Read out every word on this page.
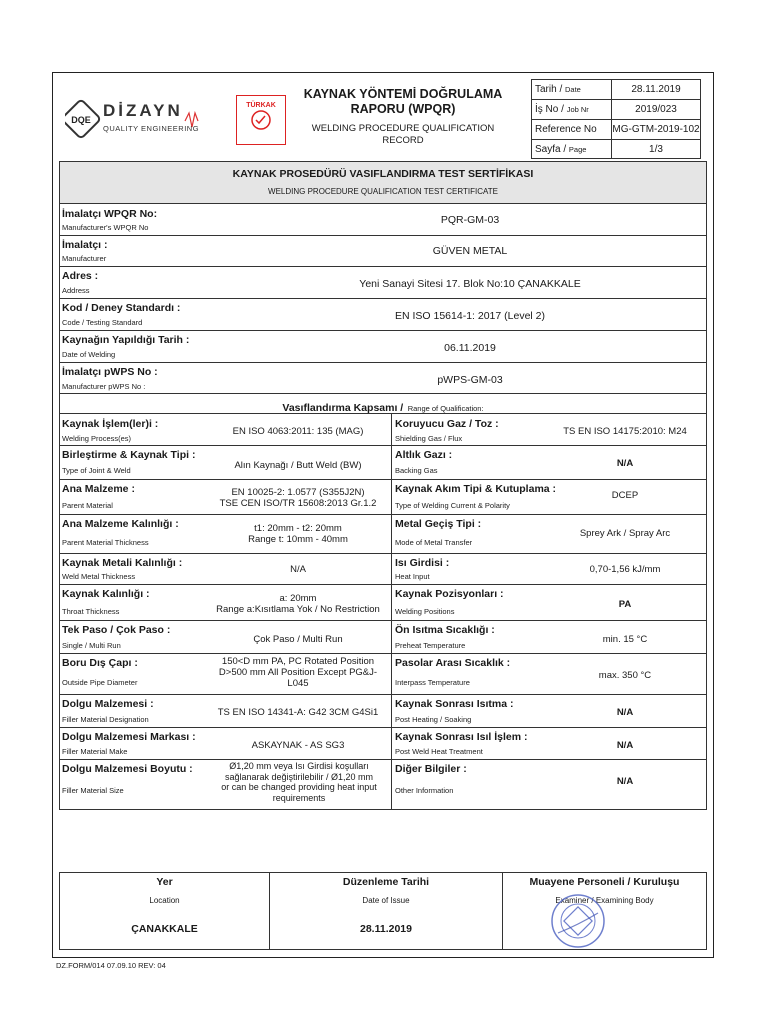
DQE DİZAYN
QUALITY ENGINEERING
TÜRKAK
KAYNAK YÖNTEMİ DOĞRULAMA
RAPORU (WPQR)
WELDING PROCEDURE QUALIFICATION
RECORD
Tarih / Date	28.11.2019
İş No / Job Nr	2019/023
Reference No MG-GTM-2019-102
Sayfa / Page	1/3
KAYNAK PROSEDÜRÜ VASIFLANDIRMA TEST SERTİFİKASI
WELDING PROCEDURE QUALIFICATION TEST CERTIFICATE
İmalatçı WPQR No:
Manufacturer's WPQR No
PQR-GM-03
İmalatçı :
Manufacturer
GÜVEN METAL
Adres :
Address
Yeni Sanayi Sitesi 17. Blok No:10 ÇANAKKALE
Kod / Deney Standardı :
Code / Testing Standard
EN ISO 15614-1: 2017 (Level 2)
Kaynağın Yapıldığı Tarih :
Date of Welding
06.11.2019
İmalatçı pWPS No :
Manufacturer pWPS No :
pWPS-GM-03
Vasıflandırma Kapsamı / Range of Qualification:
Kaynak İşlem(ler)i :
Welding Process(es)
EN ISO 4063:2011: 135 (MAG)
Birleştirme & Kaynak Tipi :
Type of Joint & Weld	Alın Kaynağı / Butt Weld (BW)
Ana Malzeme :
Parent Material
EN 10025-2: 1.0577 (S355J2N)
TSE CEN ISO/TR 15608:2013 Gr.1.2
Ana Malzeme Kalınlığı :
Parent Material Thickness
t1: 20mm - t2: 20mm
Range t: 10mm - 40mm
Kaynak Metali Kalınlığı :
Weld Metal Thickness
N/A
Kaynak Kalınlığı :
Throat Thickness
a: 20mm
Range a:Kısıtlama Yok / No Restriction
Tek Paso / Çok Paso :
Single / Multi Run
Çok Paso / Multi Run
Boru Dış Çapı :
Outside Pipe Diameter
150<D mm PA, PC Rotated Position
D>500 mm All Position Except PG&J-
L045
Dolgu Malzemesi :
Filler Material Designation
TS EN ISO 14341-A: G42 3CM G4Si1
Dolgu Malzemesi Markası :
Filler Material Make
ASKAYNAK - AS SG3
Dolgu Malzemesi Boyutu :
Filler Material Size
Ø1,20 mm veya Isı Girdisi koşulları
sağlanarak değiştirilebilir / Ø1,20 mm
or can be changed providing heat input
requirements
Koruyucu Gaz / Toz :
Shielding Gas / Flux
TS EN ISO 14175:2010: M24
Altlık Gazı :
Backing Gas
N/A
Kaynak Akım Tipi & Kutuplama :
Type of Welding Current & Polarity
DCEP
Metal Geçiş Tipi :
Mode of Metal Transfer
Sprey Ark / Spray Arc
Isı Girdisi :
Heat Input
0,70-1,56 kJ/mm
Kaynak Pozisyonları :
Welding Positions
PA
Ön Isıtma Sıcaklığı :
Preheat Temperature
min. 15 °C
Pasolar Arası Sıcaklık :
Interpass Temperature
max. 350 °C
Kaynak Sonrası Isıtma :
Post Heating / Soaking
N/A
Kaynak Sonrası Isıl İşlem :
Post Weld Heat Treatment
N/A
Diğer Bilgiler :
Other Information
N/A
Yer
Location
ÇANAKKALE
Düzenleme Tarihi
Date of Issue
28.11.2019
Muayene Personeli / Kuruluşu
Examiner / Examining Body
DZ.FORM/014 07.09.10 REV: 04
